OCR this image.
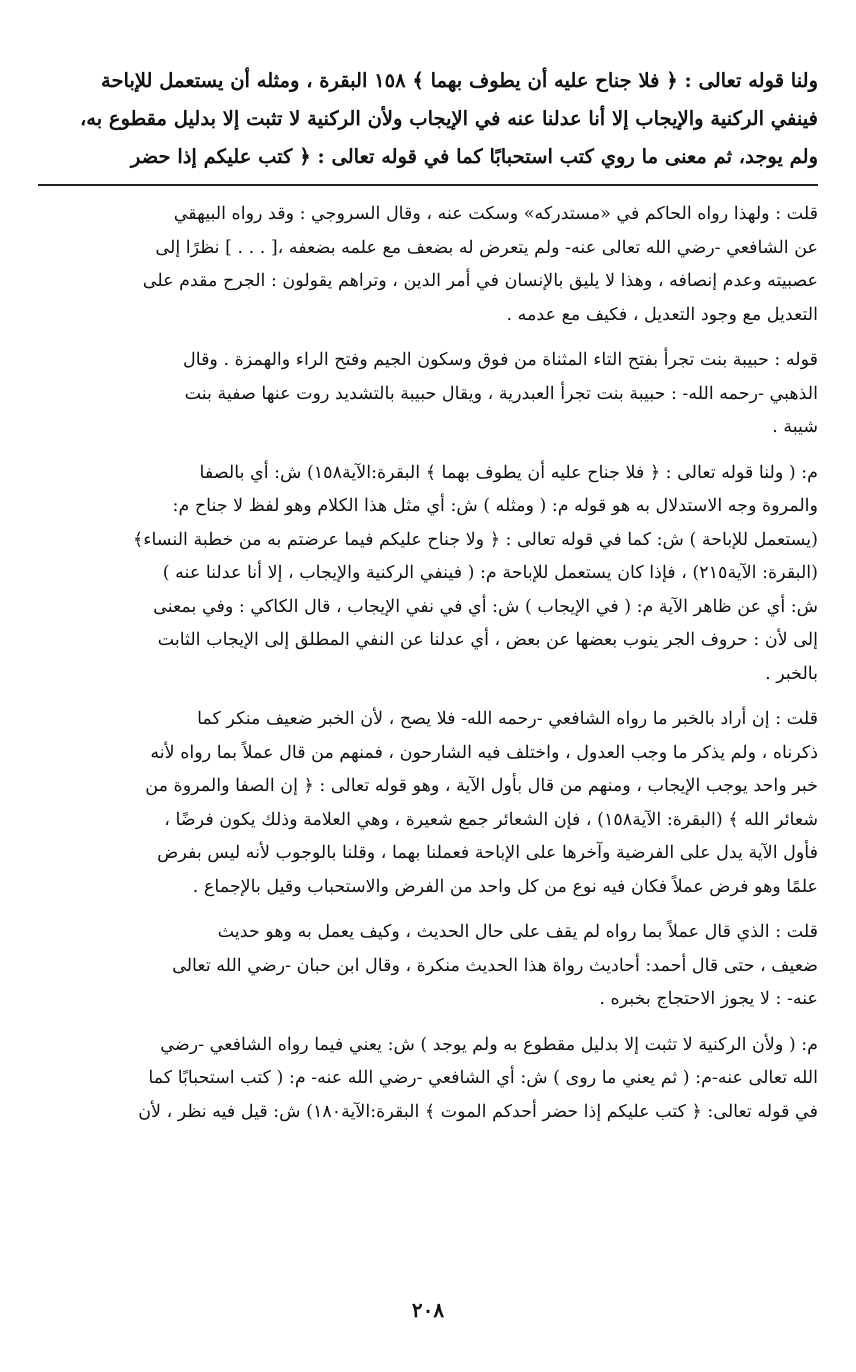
ولنا قوله تعالى : ﴿ فلا جناح عليه أن يطوف بهما ﴾ ١٥٨ البقرة ، ومثله أن يستعمل للإباحة
فينفي الركنية والإيجاب إلا أنا عدلنا عنه في الإيجاب ولأن الركنية لا تثبت إلا بدليل مقطوع به،
ولم يوجد، ثم معنى ما روي كتب استحبابًا كما في قوله تعالى : ﴿ كتب عليكم إذا حضر

قلت : ولهذا رواه الحاكم في «مستدركه» وسكت عنه ، وقال السروجي : وقد رواه البيهقي
عن الشافعي -رضي الله تعالى عنه- ولم يتعرض له بضعف مع علمه بضعفه ،[ . . . ] نظرًا إلى
عصبيته وعدم إنصافه ، وهذا لا يليق بالإنسان في أمر الدين ، وتراهم يقولون : الجرح مقدم على
التعديل مع وجود التعديل ، فكيف مع عدمه .

قوله : حبيبة بنت تجرأ بفتح التاء المثناة من فوق وسكون الجيم وفتح الراء والهمزة . وقال
الذهبي -رحمه الله- : حبيبة بنت تجرأ العبدرية ، ويقال حبيبة بالتشديد روت عنها صفية بنت
شيبة .

م: ( ولنا قوله تعالى : ﴿ فلا جناح عليه أن يطوف بهما ﴾ البقرة:الآية١٥٨) ش: أي بالصفا
والمروة وجه الاستدلال به هو قوله م: ( ومثله ) ش: أي مثل هذا الكلام وهو لفظ لا جناح م:
(يستعمل للإباحة ) ش: كما في قوله تعالى : ﴿ ولا جناح عليكم فيما عرضتم به من خطبة النساء﴾
(البقرة: الآية٢١٥) ، فإذا كان يستعمل للإباحة م: ( فينفي الركنية والإيجاب ، إلا أنا عدلنا عنه )
ش: أي عن ظاهر الآية م: ( في الإيجاب ) ش: أي في نفي الإيجاب ، قال الكاكي : وفي بمعنى
إلى لأن : حروف الجر ينوب بعضها عن بعض ، أي عدلنا عن النفي المطلق إلى الإيجاب الثابت
بالخبر .

قلت : إن أراد بالخبر ما رواه الشافعي -رحمه الله- فلا يصح ، لأن الخبر ضعيف منكر كما
ذكرناه ، ولم يذكر ما وجب العدول ، واختلف فيه الشارحون ، فمنهم من قال عملاً بما رواه لأنه
خبر واحد يوجب الإيجاب ، ومنهم من قال بأول الآية ، وهو قوله تعالى : ﴿ إن الصفا والمروة من
شعائر الله ﴾ (البقرة: الآية١٥٨) ، فإن الشعائر جمع شعيرة ، وهي العلامة وذلك يكون فرضًا ،
فأول الآية يدل على الفرضية وآخرها على الإباحة فعملنا بهما ، وقلنا بالوجوب لأنه ليس بفرض
علمًا وهو فرض عملاً فكان فيه نوع من كل واحد من الفرض والاستحباب وقيل بالإجماع .

قلت : الذي قال عملاً بما رواه لم يقف على حال الحديث ، وكيف يعمل به وهو حديث
ضعيف ، حتى قال أحمد: أحاديث رواة هذا الحديث منكرة ، وقال ابن حبان -رضي الله تعالى
عنه- : لا يجوز الاحتجاج بخبره .

م: ( ولأن الركنية لا تثبت إلا بدليل مقطوع به ولم يوجد ) ش: يعني فيما رواه الشافعي -رضي
الله تعالى عنه-م: ( ثم يعني ما روى ) ش: أي الشافعي -رضي الله عنه- م: ( كتب استحبابًا كما
في قوله تعالى: ﴿ كتب عليكم إذا حضر أحدكم الموت ﴾ البقرة:الآية١٨٠) ش: قيل فيه نظر ، لأن

٢٠٨
